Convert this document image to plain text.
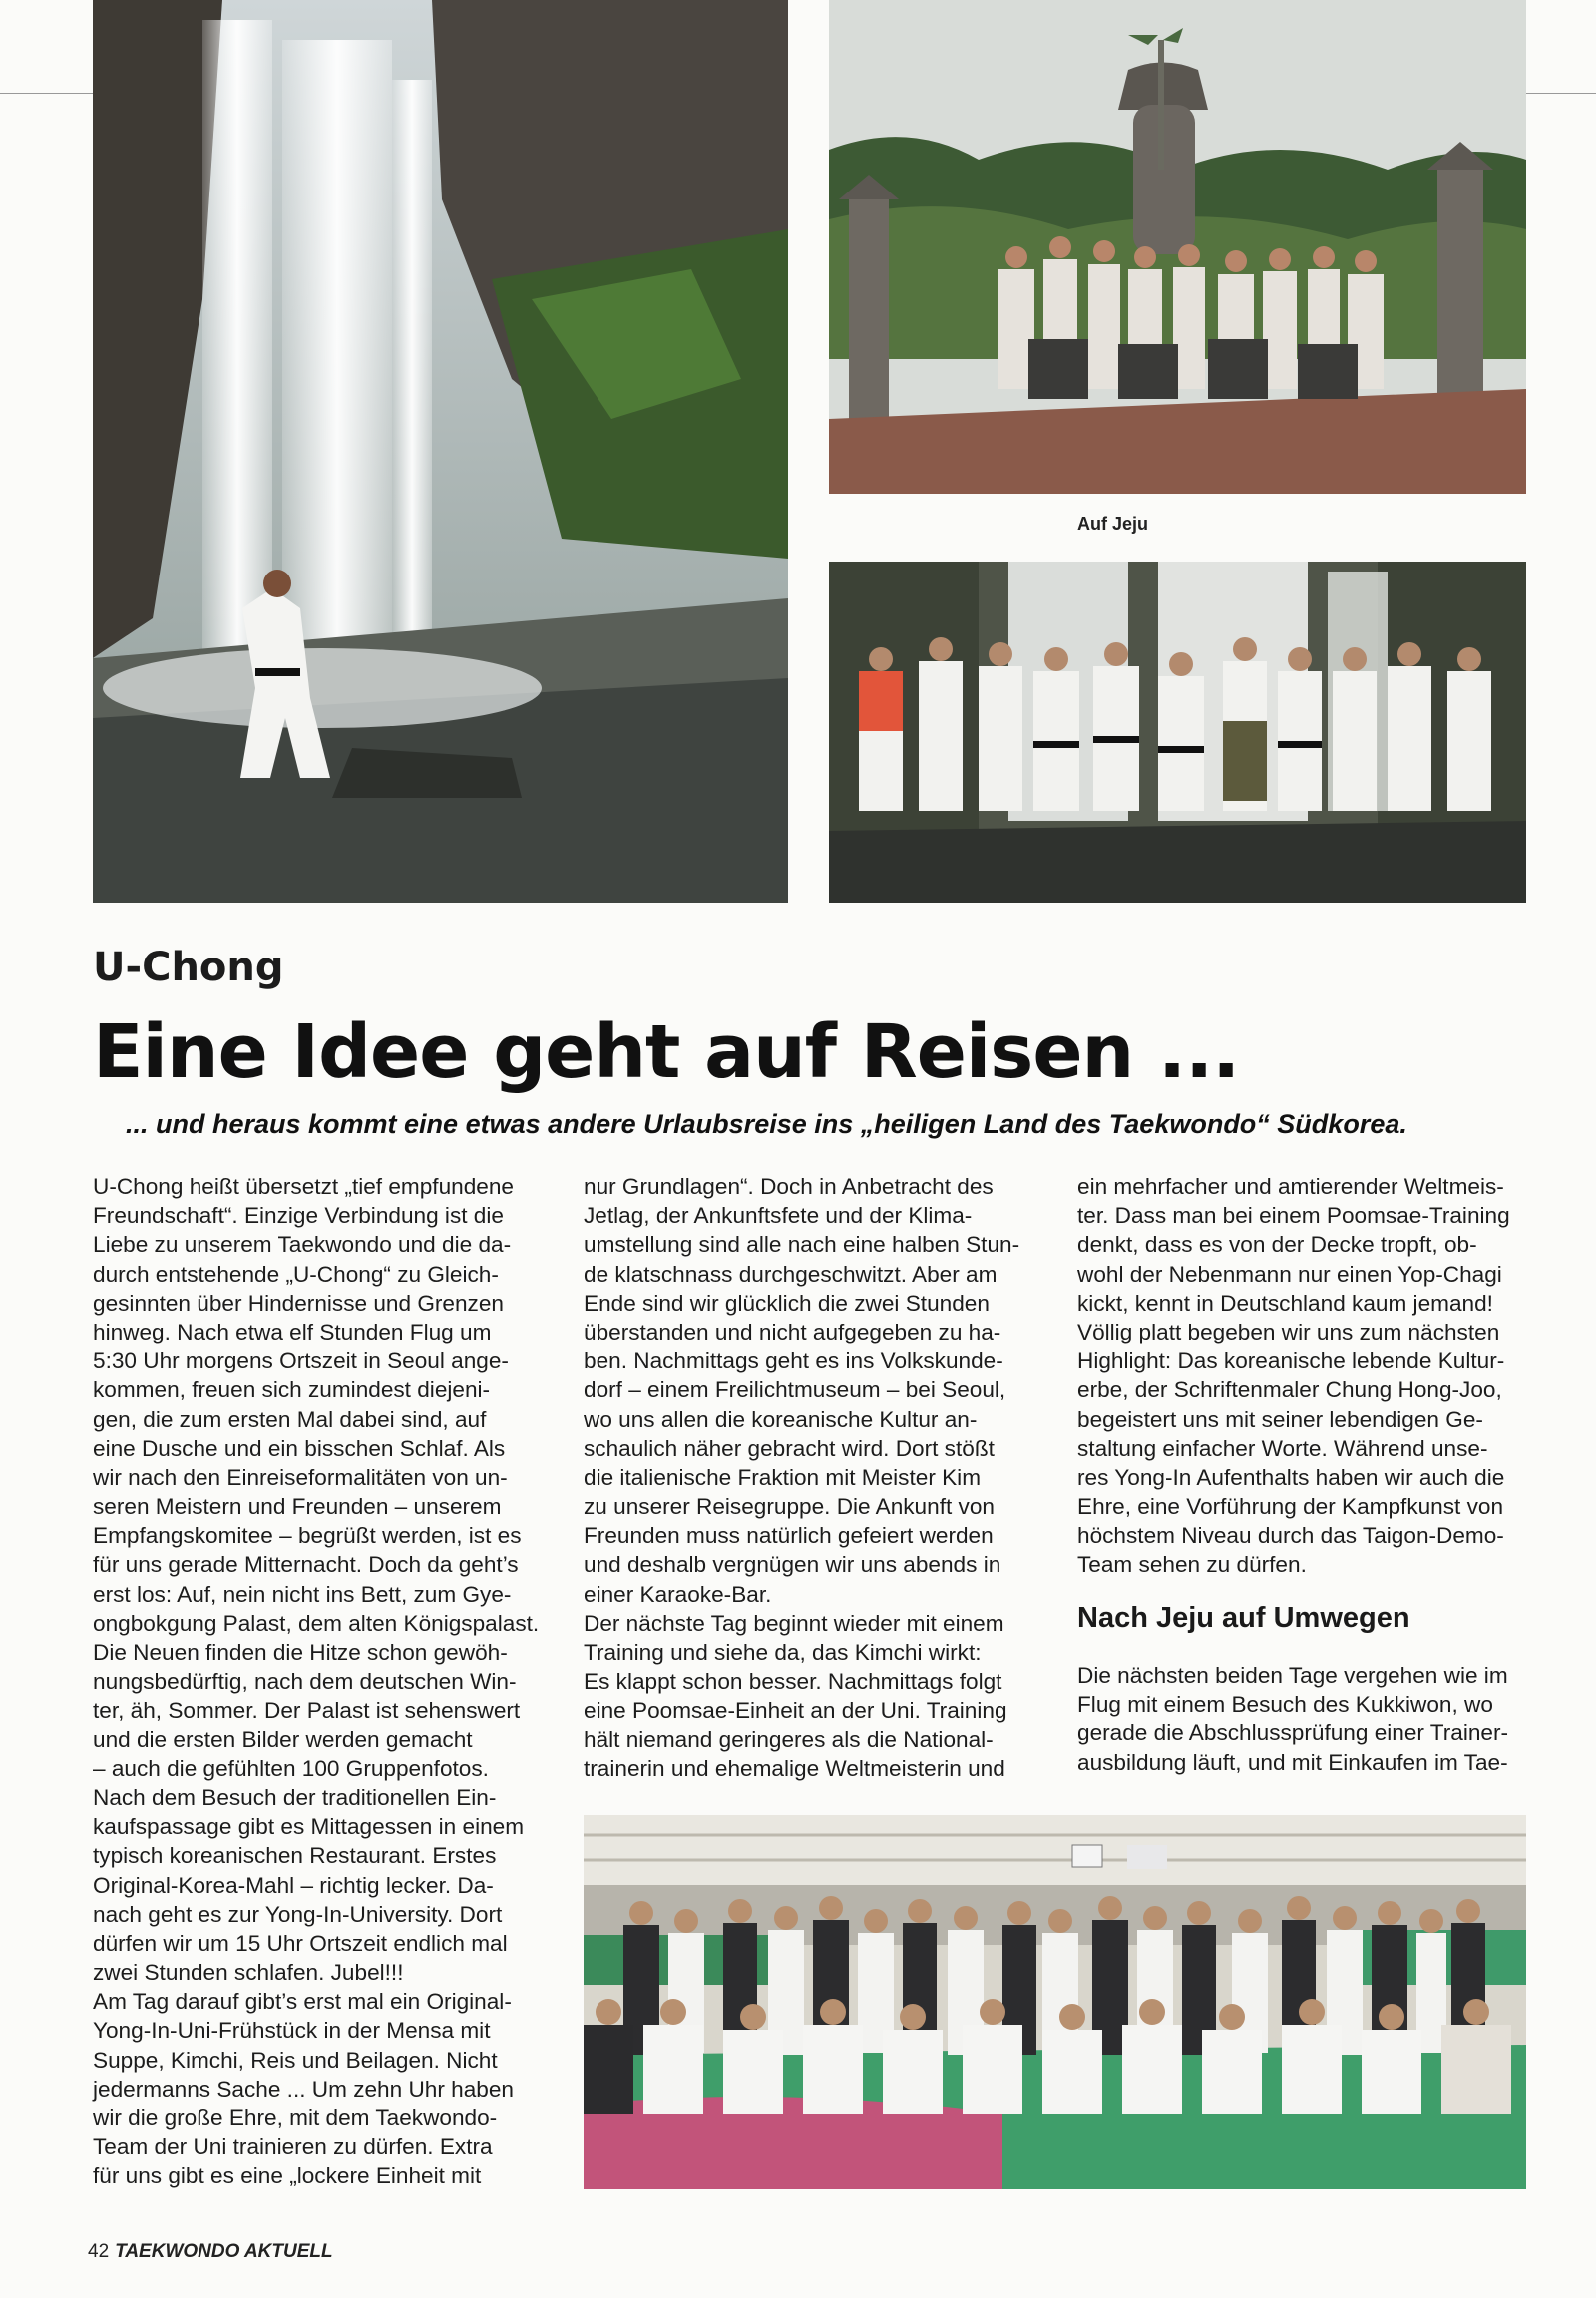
Auf Jeju
U-Chong
Eine Idee geht auf Reisen ...
... und heraus kommt eine etwas andere Urlaubsreise ins „heiligen Land des Taekwondo“ Südkorea.
U-Chong heißt übersetzt „tief empfundene
Freundschaft“. Einzige Verbindung ist die
Liebe zu unserem Taekwondo und die da-
durch entstehende „U-Chong“ zu Gleich-
gesinnten über Hindernisse und Grenzen
hinweg. Nach etwa elf Stunden Flug um
5:30 Uhr morgens Ortszeit in Seoul ange-
kommen, freuen sich zumindest diejeni-
gen, die zum ersten Mal dabei sind, auf
eine Dusche und ein bisschen Schlaf. Als
wir nach den Einreiseformalitäten von un-
seren Meistern und Freunden – unserem
Empfangskomitee – begrüßt werden, ist es
für uns gerade Mitternacht. Doch da geht’s
erst los: Auf, nein nicht ins Bett, zum Gye-
ongbokgung Palast, dem alten Königspalast.
Die Neuen finden die Hitze schon gewöh-
nungsbedürftig, nach dem deutschen Win-
ter, äh, Sommer. Der Palast ist sehenswert
und die ersten Bilder werden gemacht
– auch die gefühlten 100 Gruppenfotos.
Nach dem Besuch der traditionellen Ein-
kaufspassage gibt es Mittagessen in einem
typisch koreanischen Restaurant. Erstes
Original-Korea-Mahl – richtig lecker. Da-
nach geht es zur Yong-In-University. Dort
dürfen wir um 15 Uhr Ortszeit endlich mal
zwei Stunden schlafen. Jubel!!!
Am Tag darauf gibt’s erst mal ein Original-
Yong-In-Uni-Frühstück in der Mensa mit
Suppe, Kimchi, Reis und Beilagen. Nicht
jedermanns Sache ... Um zehn Uhr haben
wir die große Ehre, mit dem Taekwondo-
Team der Uni trainieren zu dürfen. Extra
für uns gibt es eine „lockere Einheit mit
nur Grundlagen“. Doch in Anbetracht des
Jetlag, der Ankunftsfete und der Klima-
umstellung sind alle nach eine halben Stun-
de klatschnass durchgeschwitzt. Aber am
Ende sind wir glücklich die zwei Stunden
überstanden und nicht aufgegeben zu ha-
ben. Nachmittags geht es ins Volkskunde-
dorf – einem Freilichtmuseum – bei Seoul,
wo uns allen die koreanische Kultur an-
schaulich näher gebracht wird. Dort stößt
die italienische Fraktion mit Meister Kim
zu unserer Reisegruppe. Die Ankunft von
Freunden muss natürlich gefeiert werden
und deshalb vergnügen wir uns abends in
einer Karaoke-Bar.
Der nächste Tag beginnt wieder mit einem
Training und siehe da, das Kimchi wirkt:
Es klappt schon besser. Nachmittags folgt
eine Poomsae-Einheit an der Uni. Training
hält niemand geringeres als die National-
trainerin und ehemalige Weltmeisterin und
ein mehrfacher und amtierender Weltmeis-
ter. Dass man bei einem Poomsae-Training
denkt, dass es von der Decke tropft, ob-
wohl der Nebenmann nur einen Yop-Chagi
kickt, kennt in Deutschland kaum jemand!
Völlig platt begeben wir uns zum nächsten
Highlight: Das koreanische lebende Kultur-
erbe, der Schriftenmaler Chung Hong-Joo,
begeistert uns mit seiner lebendigen Ge-
staltung einfacher Worte. Während unse-
res Yong-In Aufenthalts haben wir auch die
Ehre, eine Vorführung der Kampfkunst von
höchstem Niveau durch das Taigon-Demo-
Team sehen zu dürfen.
Nach Jeju auf Umwegen
Die nächsten beiden Tage vergehen wie im
Flug mit einem Besuch des Kukkiwon, wo
gerade die Abschlussprüfung einer Trainer-
ausbildung läuft, und mit Einkaufen im Tae-
42 TAEKWONDO AKTUELL
